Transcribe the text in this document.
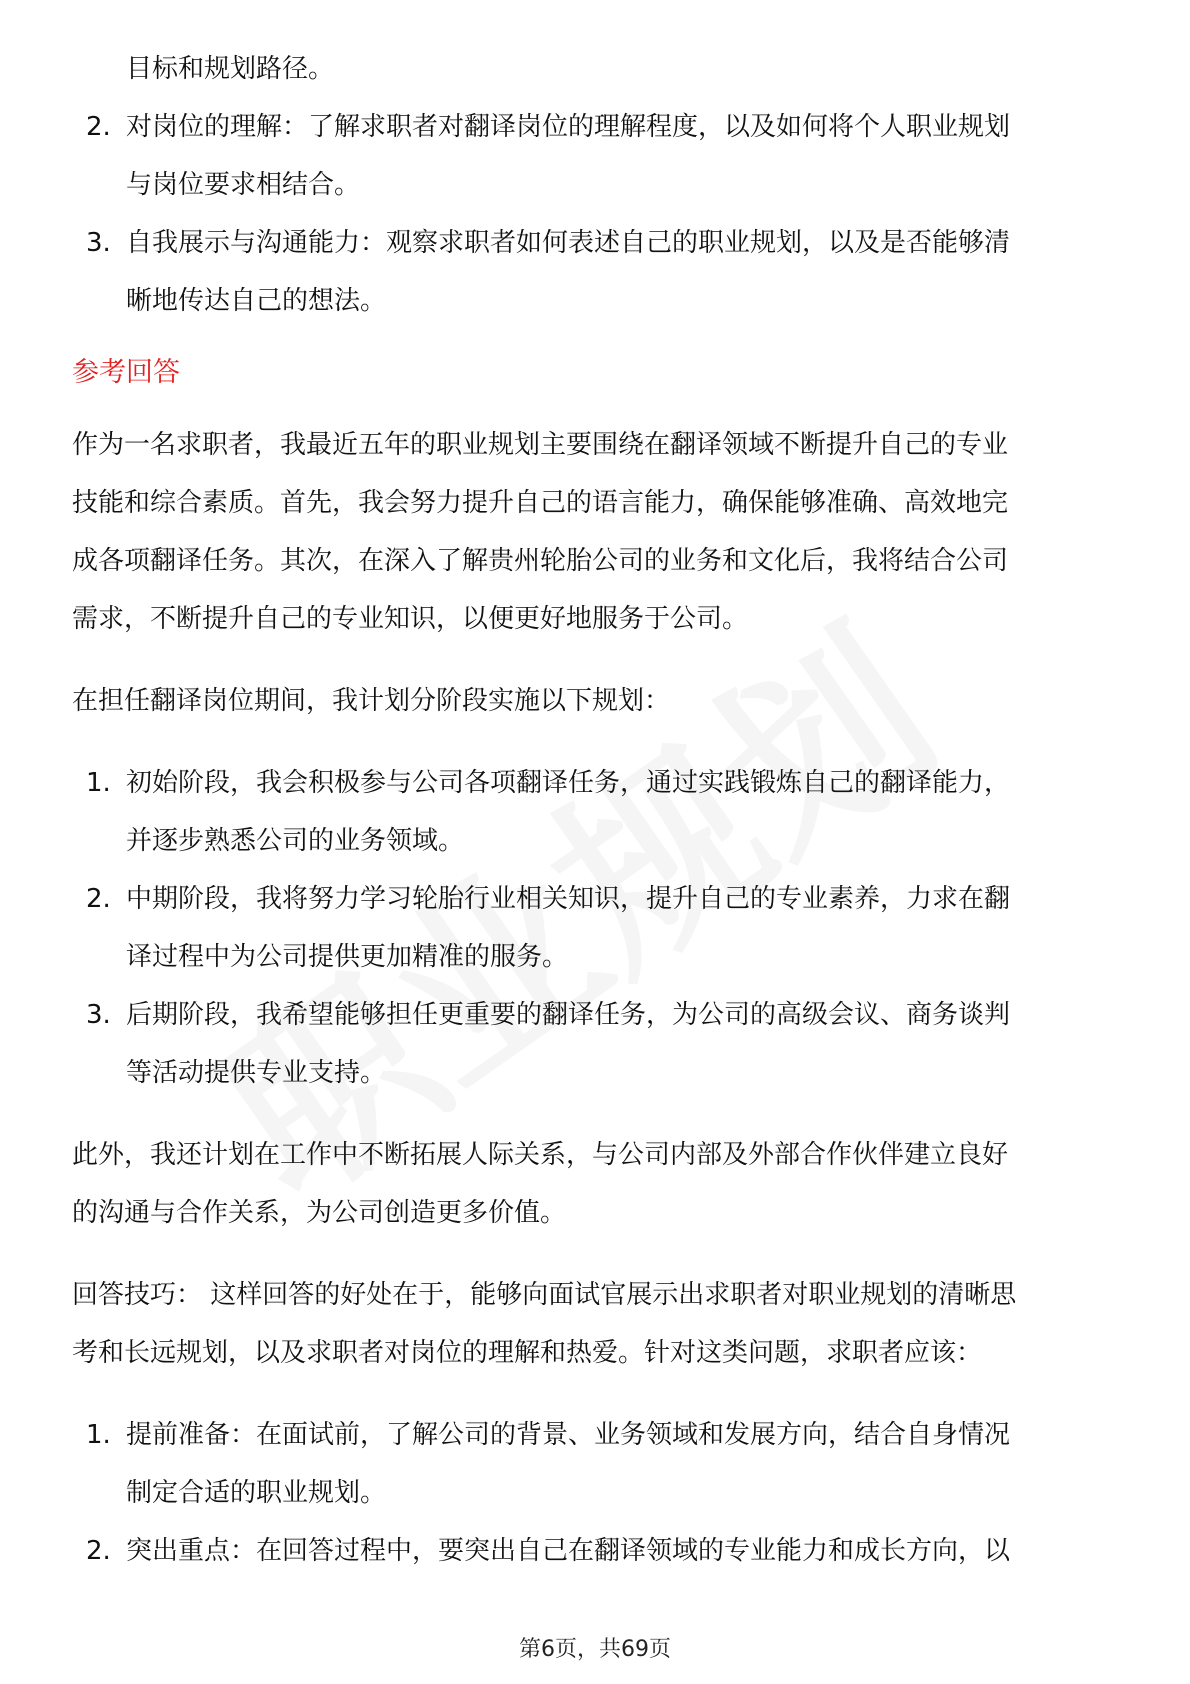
目标和规划路径。
2. 对岗位的理解：了解求职者对翻译岗位的理解程度，以及如何将个人职业规划
与岗位要求相结合。
3. 自我展示与沟通能力：观察求职者如何表述自己的职业规划，以及是否能够清
晰地传达自己的想法。
参考回答
作为一名求职者，我最近五年的职业规划主要围绕在翻译领域不断提升自己的专业
技能和综合素质。首先，我会努力提升自己的语言能力，确保能够准确、高效地完
成各项翻译任务。其次，在深入了解贵州轮胎公司的业务和文化后，我将结合公司
需求，不断提升自己的专业知识，以便更好地服务于公司。
在担任翻译岗位期间，我计划分阶段实施以下规划：
1. 初始阶段，我会积极参与公司各项翻译任务，通过实践锻炼自己的翻译能力，
并逐步熟悉公司的业务领域。
2. 中期阶段，我将努力学习轮胎行业相关知识，提升自己的专业素养，力求在翻
译过程中为公司提供更加精准的服务。
3. 后期阶段，我希望能够担任更重要的翻译任务，为公司的高级会议、商务谈判
等活动提供专业支持。
此外，我还计划在工作中不断拓展人际关系，与公司内部及外部合作伙伴建立良好
的沟通与合作关系，为公司创造更多价值。
回答技巧： 这样回答的好处在于，能够向面试官展示出求职者对职业规划的清晰思
考和长远规划，以及求职者对岗位的理解和热爱。针对这类问题，求职者应该：
1. 提前准备：在面试前，了解公司的背景、业务领域和发展方向，结合自身情况
制定合适的职业规划。
2. 突出重点：在回答过程中，要突出自己在翻译领域的专业能力和成长方向，以
第6页，共69页
